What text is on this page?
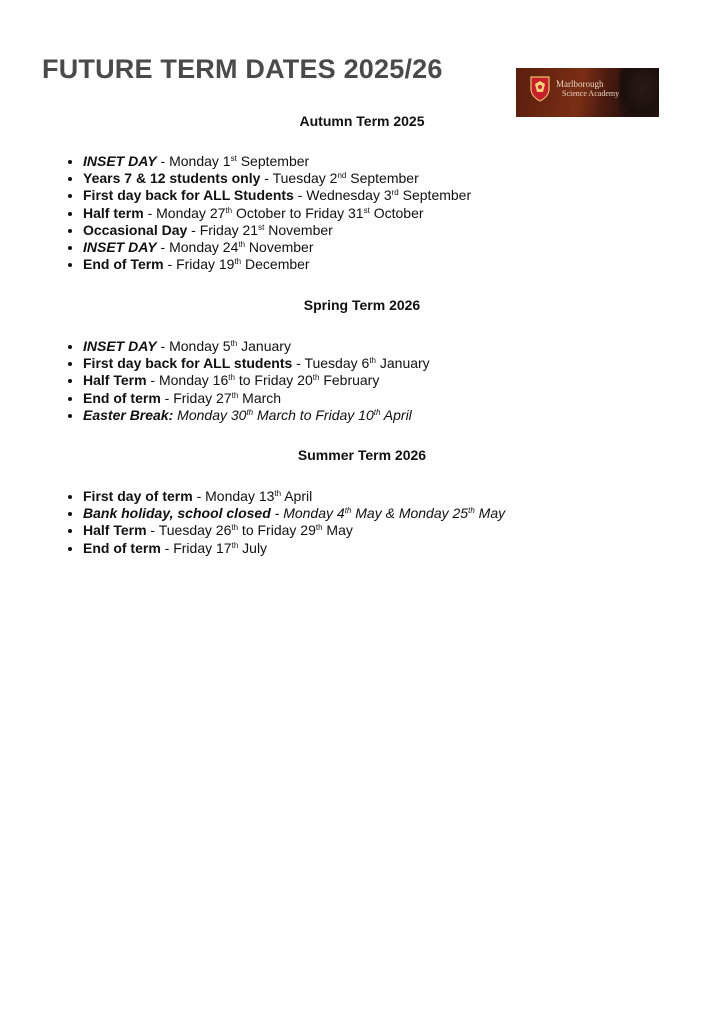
FUTURE TERM DATES 2025/26	Marlborough
Science Academy
Autumn Term 2025
• INSET DAY - Monday 1st September
• Years 7 & 12 students only - Tuesday 2nd September
• First day back for ALL Students - Wednesday 3rd September
• Half term - Monday 27th October to Friday 31st October
• Occasional Day - Friday 21st November
• INSET DAY - Monday 24th November
• End of Term - Friday 19th December
Spring Term 2026
• INSET DAY - Monday 5th January
• First day back for ALL students - Tuesday 6th January
• Half Term - Monday 16th to Friday 20th February
• End of term - Friday 27th March
• Easter Break: Monday 30th March to Friday 10th April
Summer Term 2026
• First day of term - Monday 13th April
• Bank holiday, school closed - Monday 4th May & Monday 25th May
• Half Term - Tuesday 26th to Friday 29th May
• End of term - Friday 17th July
